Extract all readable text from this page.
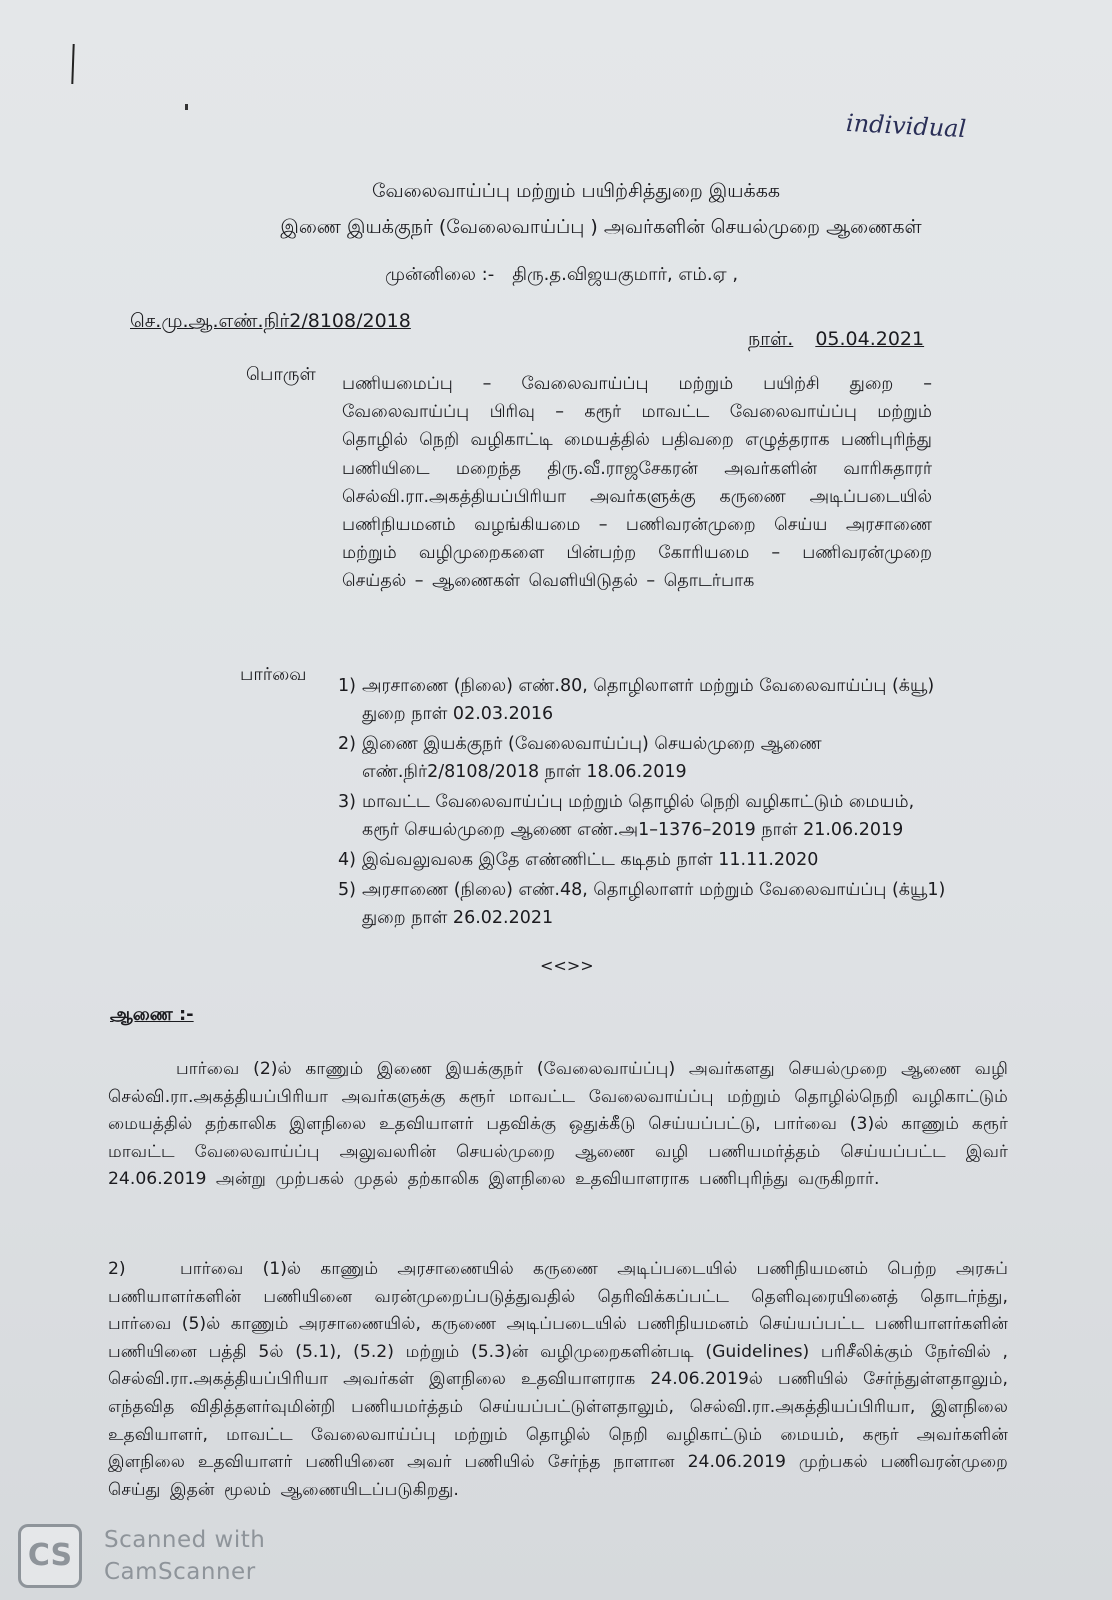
individual
வேலைவாய்ப்பு மற்றும் பயிற்சித்துறை இயக்கக
இணை இயக்குநர் (வேலைவாய்ப்பு ) அவர்களின் செயல்முறை ஆணைகள்
முன்னிலை :- திரு.த.விஜயகுமார், எம்.ஏ ,
செ.மு.ஆ.எண்.நிர்2/8108/2018
நாள். 05.04.2021
பொருள் பணியமைப்பு – வேலைவாய்ப்பு மற்றும் பயிற்சி துறை – வேலைவாய்ப்பு பிரிவு – கரூர் மாவட்ட வேலைவாய்ப்பு மற்றும் தொழில் நெறி வழிகாட்டி மையத்தில் பதிவறை எழுத்தராக பணிபுரிந்து பணியிடை மறைந்த திரு.வீ.ராஜசேகரன் அவர்களின் வாரிசுதாரர் செல்வி.ரா.அகத்தியப்பிரியா அவர்களுக்கு கருணை அடிப்படையில் பணிநியமனம் வழங்கியமை – பணிவரன்முறை செய்ய அரசாணை மற்றும் வழிமுறைகளை பின்பற்ற கோரியமை – பணிவரன்முறை செய்தல் – ஆணைகள் வெளியிடுதல் – தொடர்பாக
பார்வை
1) அரசாணை (நிலை) எண்.80, தொழிலாளர் மற்றும் வேலைவாய்ப்பு (க்யூ) துறை நாள் 02.03.2016
2) இணை இயக்குநர் (வேலைவாய்ப்பு) செயல்முறை ஆணை எண்.நிர்2/8108/2018 நாள் 18.06.2019
3) மாவட்ட வேலைவாய்ப்பு மற்றும் தொழில் நெறி வழிகாட்டும் மையம், கரூர் செயல்முறை ஆணை எண்.அ1–1376–2019 நாள் 21.06.2019
4) இவ்வலுவலக இதே எண்ணிட்ட கடிதம் நாள் 11.11.2020
5) அரசாணை (நிலை) எண்.48, தொழிலாளர் மற்றும் வேலைவாய்ப்பு (க்யூ1) துறை நாள் 26.02.2021
<<>>
ஆணை :-
பார்வை (2)ல் காணும் இணை இயக்குநர் (வேலைவாய்ப்பு) அவர்களது செயல்முறை ஆணை வழி செல்வி.ரா.அகத்தியப்பிரியா அவர்களுக்கு கரூர் மாவட்ட வேலைவாய்ப்பு மற்றும் தொழில்நெறி வழிகாட்டும் மையத்தில் தற்காலிக இளநிலை உதவியாளர் பதவிக்கு ஒதுக்கீடு செய்யப்பட்டு, பார்வை (3)ல் காணும் கரூர் மாவட்ட வேலைவாய்ப்பு அலுவலரின் செயல்முறை ஆணை வழி பணியமர்த்தம் செய்யப்பட்ட இவர் 24.06.2019 அன்று முற்பகல் முதல் தற்காலிக இளநிலை உதவியாளராக பணிபுரிந்து வருகிறார்.
2)	பார்வை (1)ல் காணும் அரசாணையில் கருணை அடிப்படையில் பணிநியமனம் பெற்ற அரசுப் பணியாளர்களின் பணியினை வரன்முறைப்படுத்துவதில் தெரிவிக்கப்பட்ட தெளிவுரையினைத் தொடர்ந்து, பார்வை (5)ல் காணும் அரசாணையில், கருணை அடிப்படையில் பணிநியமனம் செய்யப்பட்ட பணியாளர்களின் பணியினை பத்தி 5ல் (5.1), (5.2) மற்றும் (5.3)ன் வழிமுறைகளின்படி (Guidelines) பரிசீலிக்கும் நேர்வில் , செல்வி.ரா.அகத்தியப்பிரியா அவர்கள் இளநிலை உதவியாளராக 24.06.2019ல் பணியில் சேர்ந்துள்ளதாலும், எந்தவித விதித்தளர்வுமின்றி பணியமர்த்தம் செய்யப்பட்டுள்ளதாலும், செல்வி.ரா.அகத்தியப்பிரியா, இளநிலை உதவியாளர், மாவட்ட வேலைவாய்ப்பு மற்றும் தொழில் நெறி வழிகாட்டும் மையம், கரூர் அவர்களின் இளநிலை உதவியாளர் பணியினை அவர் பணியில் சேர்ந்த நாளான 24.06.2019 முற்பகல் பணிவரன்முறை செய்து இதன் மூலம் ஆணையிடப்படுகிறது.
CS	Scanned with
CamScanner
